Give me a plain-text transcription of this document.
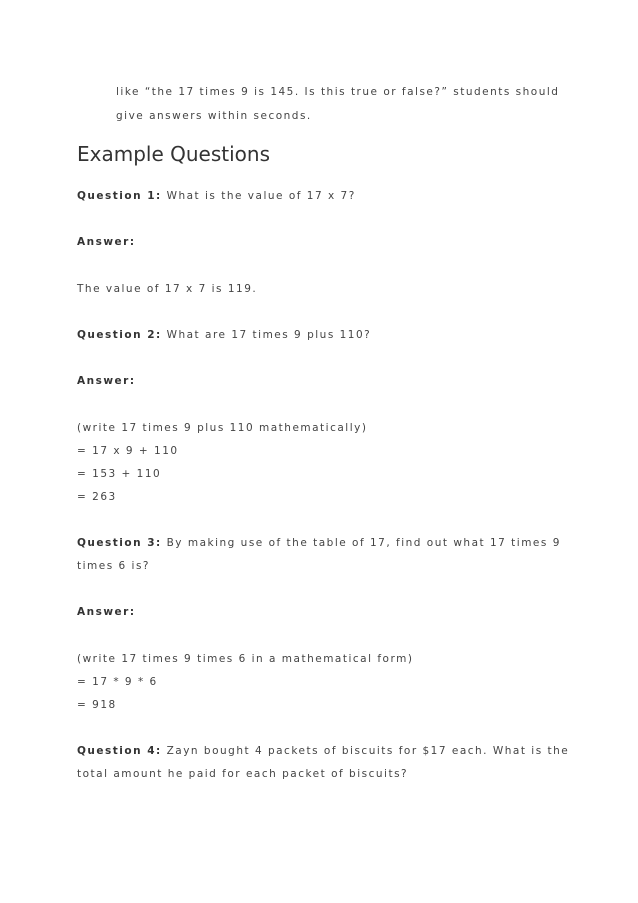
like “the 17 times 9 is 145. Is this true or false?” students should
give answers within seconds.
Example Questions
Question 1: What is the value of 17 x 7?
Answer:
The value of 17 x 7 is 119.
Question 2: What are 17 times 9 plus 110?
Answer:
(write 17 times 9 plus 110 mathematically)
= 17 x 9 + 110
= 153 + 110
= 263
Question 3: By making use of the table of 17, find out what 17 times 9
times 6 is?
Answer:
(write 17 times 9 times 6 in a mathematical form)
= 17 * 9 * 6
= 918
Question 4: Zayn bought 4 packets of biscuits for $17 each. What is the
total amount he paid for each packet of biscuits?
